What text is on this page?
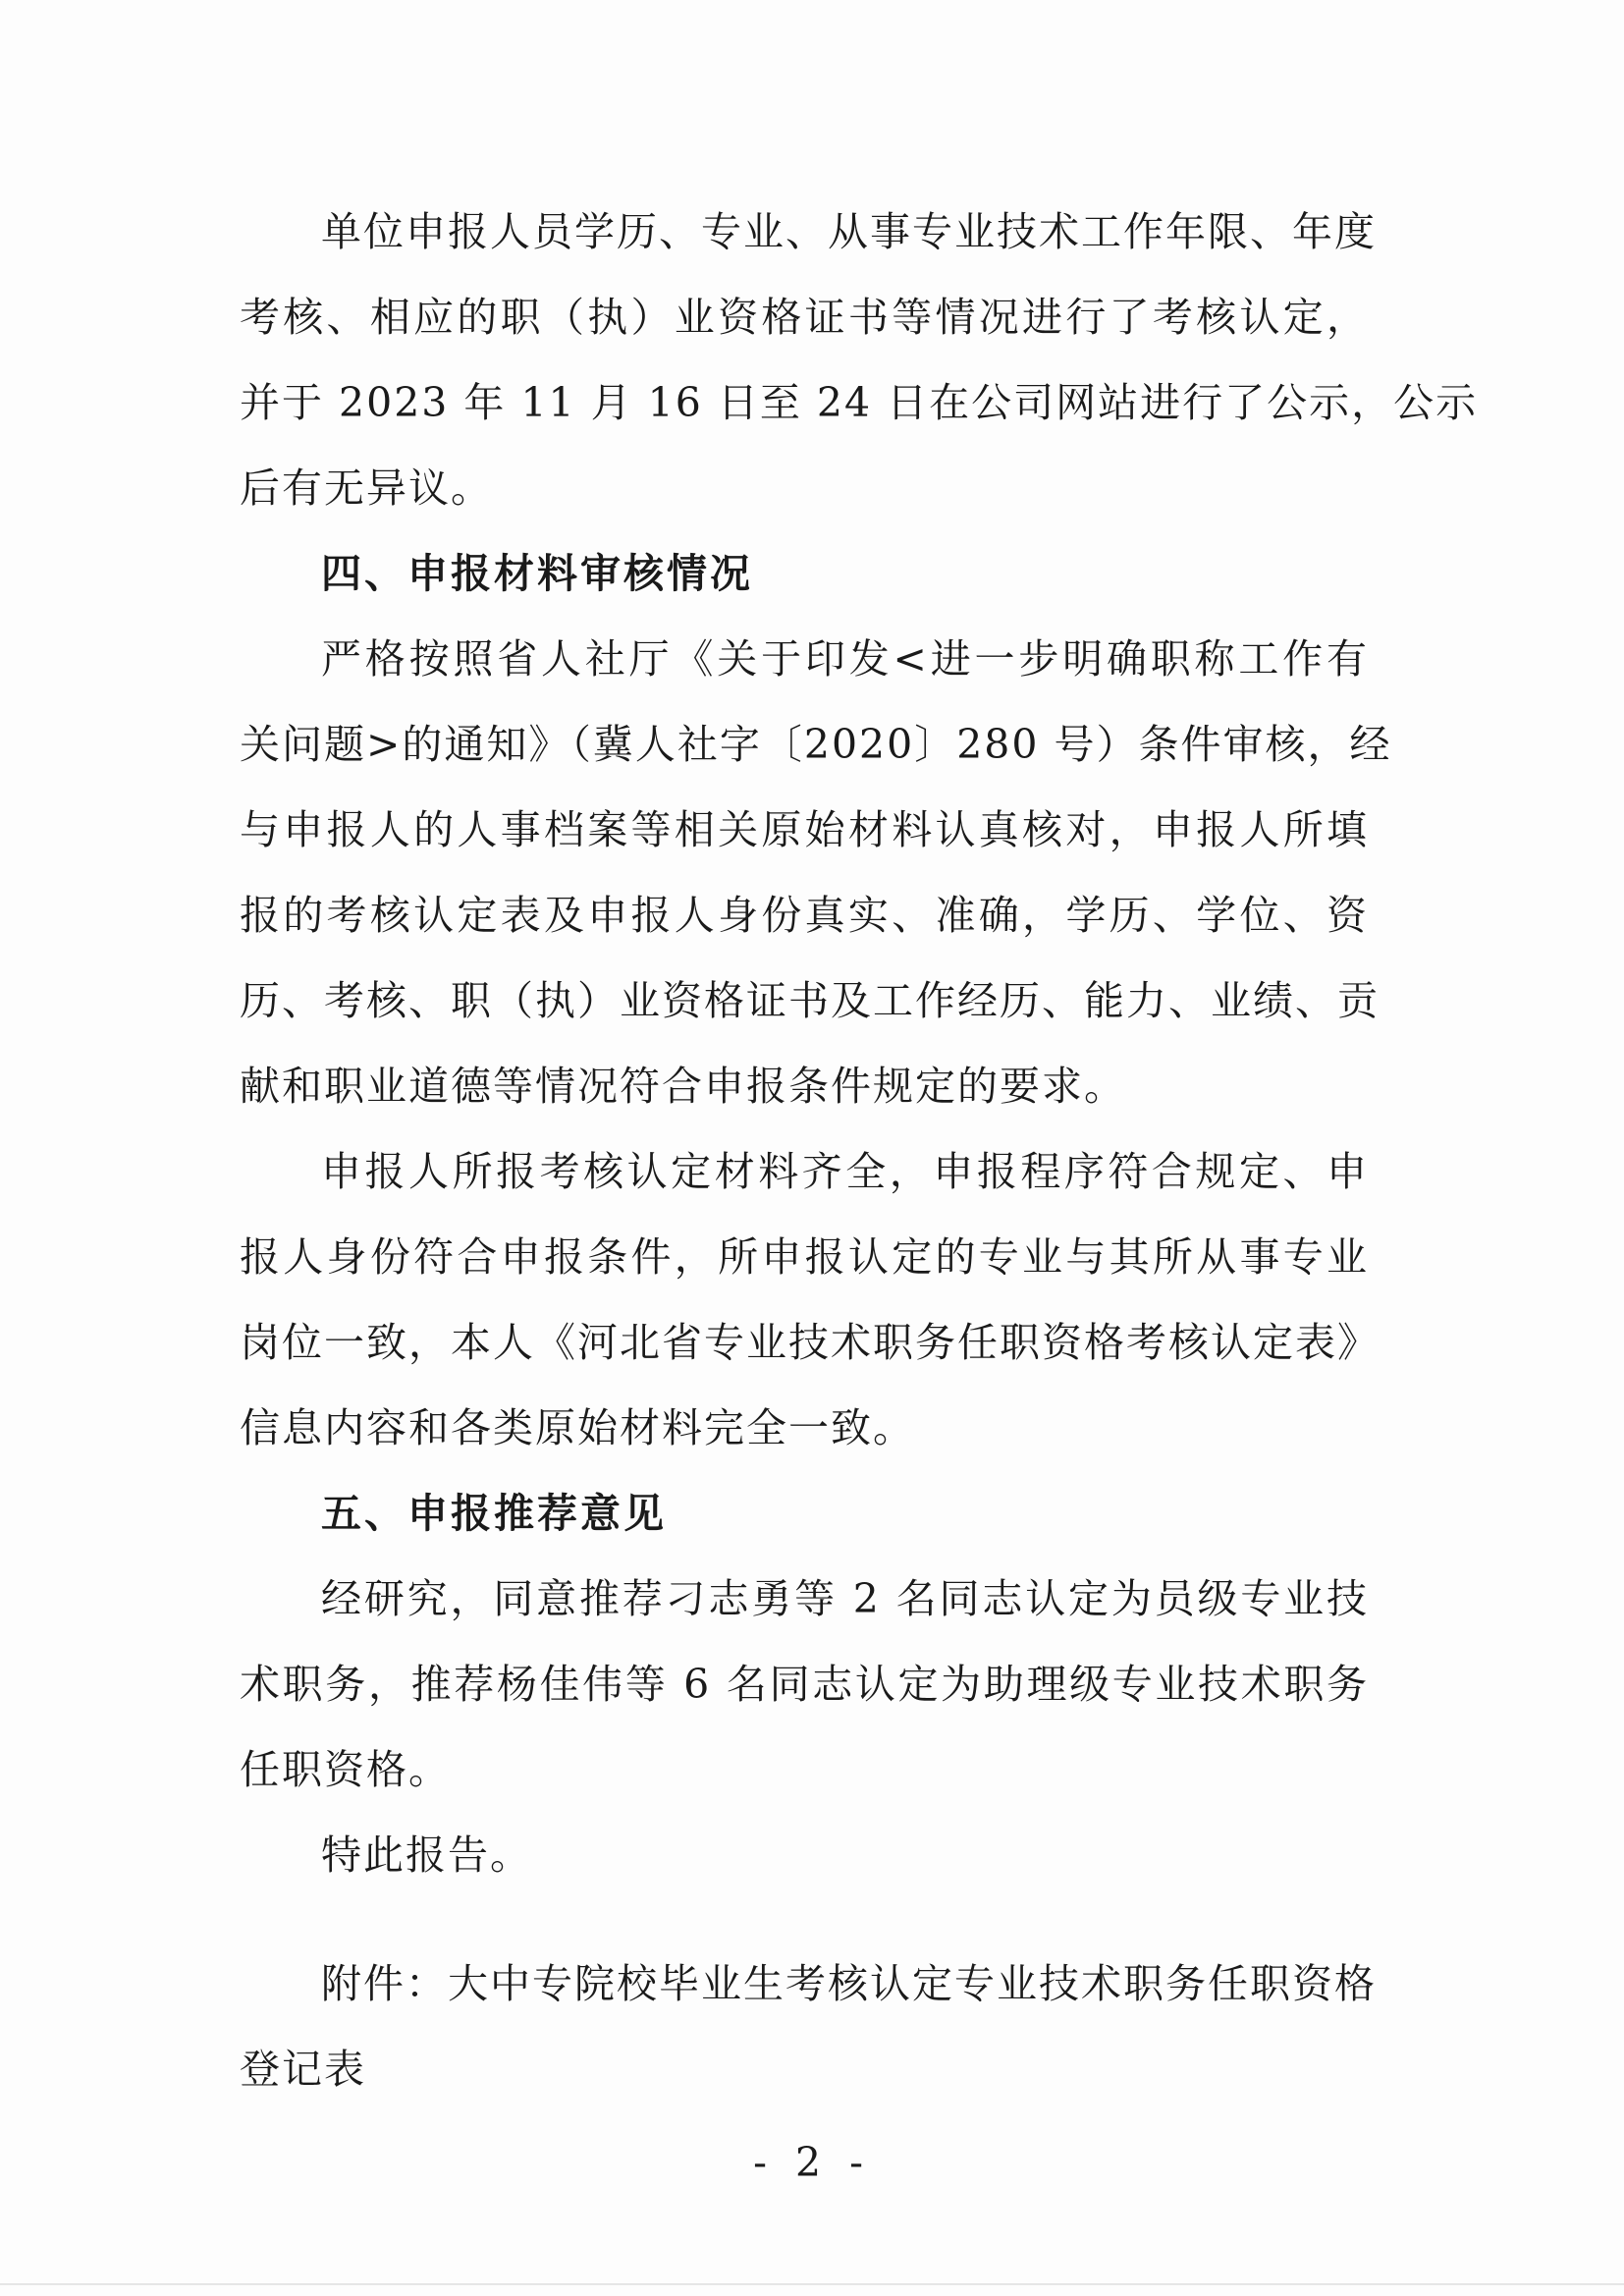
单位申报人员学历、专业、从事专业技术工作年限、年度
考核、相应的职（执）业资格证书等情况进行了考核认定，
并于 2023 年 11 月 16 日至 24 日在公司网站进行了公示，公示
后有无异议。
四、申报材料审核情况
严格按照省人社厅《关于印发<进一步明确职称工作有
关问题>的通知》（冀人社字〔2020〕280 号）条件审核，经
与申报人的人事档案等相关原始材料认真核对，申报人所填
报的考核认定表及申报人身份真实、准确，学历、学位、资
历、考核、职（执）业资格证书及工作经历、能力、业绩、贡
献和职业道德等情况符合申报条件规定的要求。
申报人所报考核认定材料齐全，申报程序符合规定、申
报人身份符合申报条件，所申报认定的专业与其所从事专业
岗位一致，本人《河北省专业技术职务任职资格考核认定表》
信息内容和各类原始材料完全一致。
五、申报推荐意见
经研究，同意推荐刁志勇等 2 名同志认定为员级专业技
术职务，推荐杨佳伟等 6 名同志认定为助理级专业技术职务
任职资格。
特此报告。
附件：大中专院校毕业生考核认定专业技术职务任职资格
登记表
- 2 -
